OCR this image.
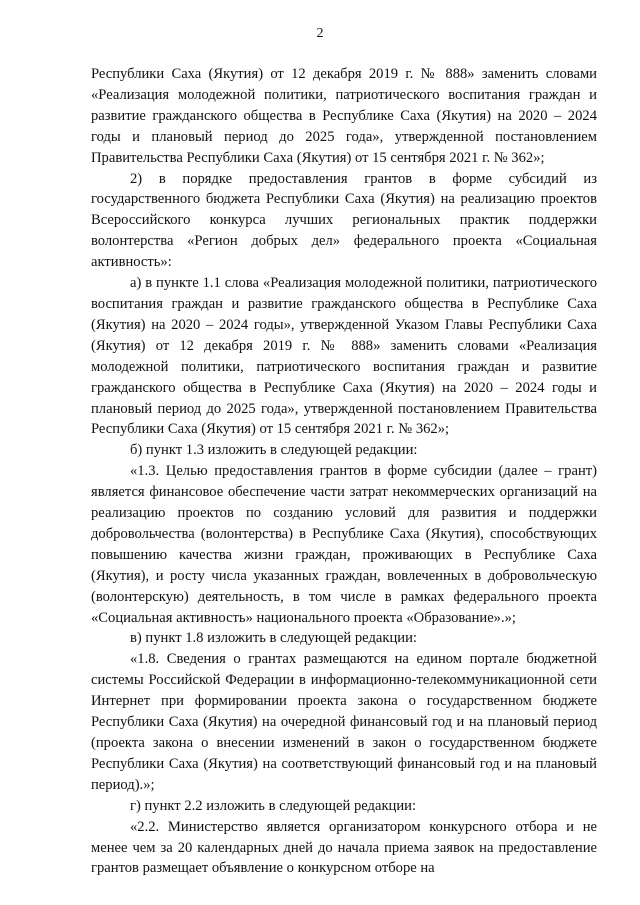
2

Республики Саха (Якутия) от 12 декабря 2019 г. № 888» заменить словами «Реализация молодежной политики, патриотического воспитания граждан и развитие гражданского общества в Республике Саха (Якутия) на 2020 – 2024 годы и плановый период до 2025 года», утвержденной постановлением Правительства Республики Саха (Якутия) от 15 сентября 2021 г. № 362»;

2) в порядке предоставления грантов в форме субсидий из государственного бюджета Республики Саха (Якутия) на реализацию проектов Всероссийского конкурса лучших региональных практик поддержки волонтерства «Регион добрых дел» федерального проекта «Социальная активность»:

а) в пункте 1.1 слова «Реализация молодежной политики, патриотического воспитания граждан и развитие гражданского общества в Республике Саха (Якутия) на 2020 – 2024 годы», утвержденной Указом Главы Республики Саха (Якутия) от 12 декабря 2019 г. № 888» заменить словами «Реализация молодежной политики, патриотического воспитания граждан и развитие гражданского общества в Республике Саха (Якутия) на 2020 – 2024 годы и плановый период до 2025 года», утвержденной постановлением Правительства Республики Саха (Якутия) от 15 сентября 2021 г. № 362»;

б) пункт 1.3 изложить в следующей редакции:

«1.3. Целью предоставления грантов в форме субсидии (далее – грант) является финансовое обеспечение части затрат некоммерческих организаций на реализацию проектов по созданию условий для развития и поддержки добровольчества (волонтерства) в Республике Саха (Якутия), способствующих повышению качества жизни граждан, проживающих в Республике Саха (Якутия), и росту числа указанных граждан, вовлеченных в добровольческую (волонтерскую) деятельность, в том числе в рамках федерального проекта «Социальная активность» национального проекта «Образование».»;

в) пункт 1.8 изложить в следующей редакции:

«1.8. Сведения о грантах размещаются на едином портале бюджетной системы Российской Федерации в информационно-телекоммуникационной сети Интернет при формировании проекта закона о государственном бюджете Республики Саха (Якутия) на очередной финансовый год и на плановый период (проекта закона о внесении изменений в закон о государственном бюджете Республики Саха (Якутия) на соответствующий финансовый год и на плановый период).»;

г) пункт 2.2 изложить в следующей редакции:

«2.2. Министерство является организатором конкурсного отбора и не менее чем за 20 календарных дней до начала приема заявок на предоставление грантов размещает объявление о конкурсном отборе на
